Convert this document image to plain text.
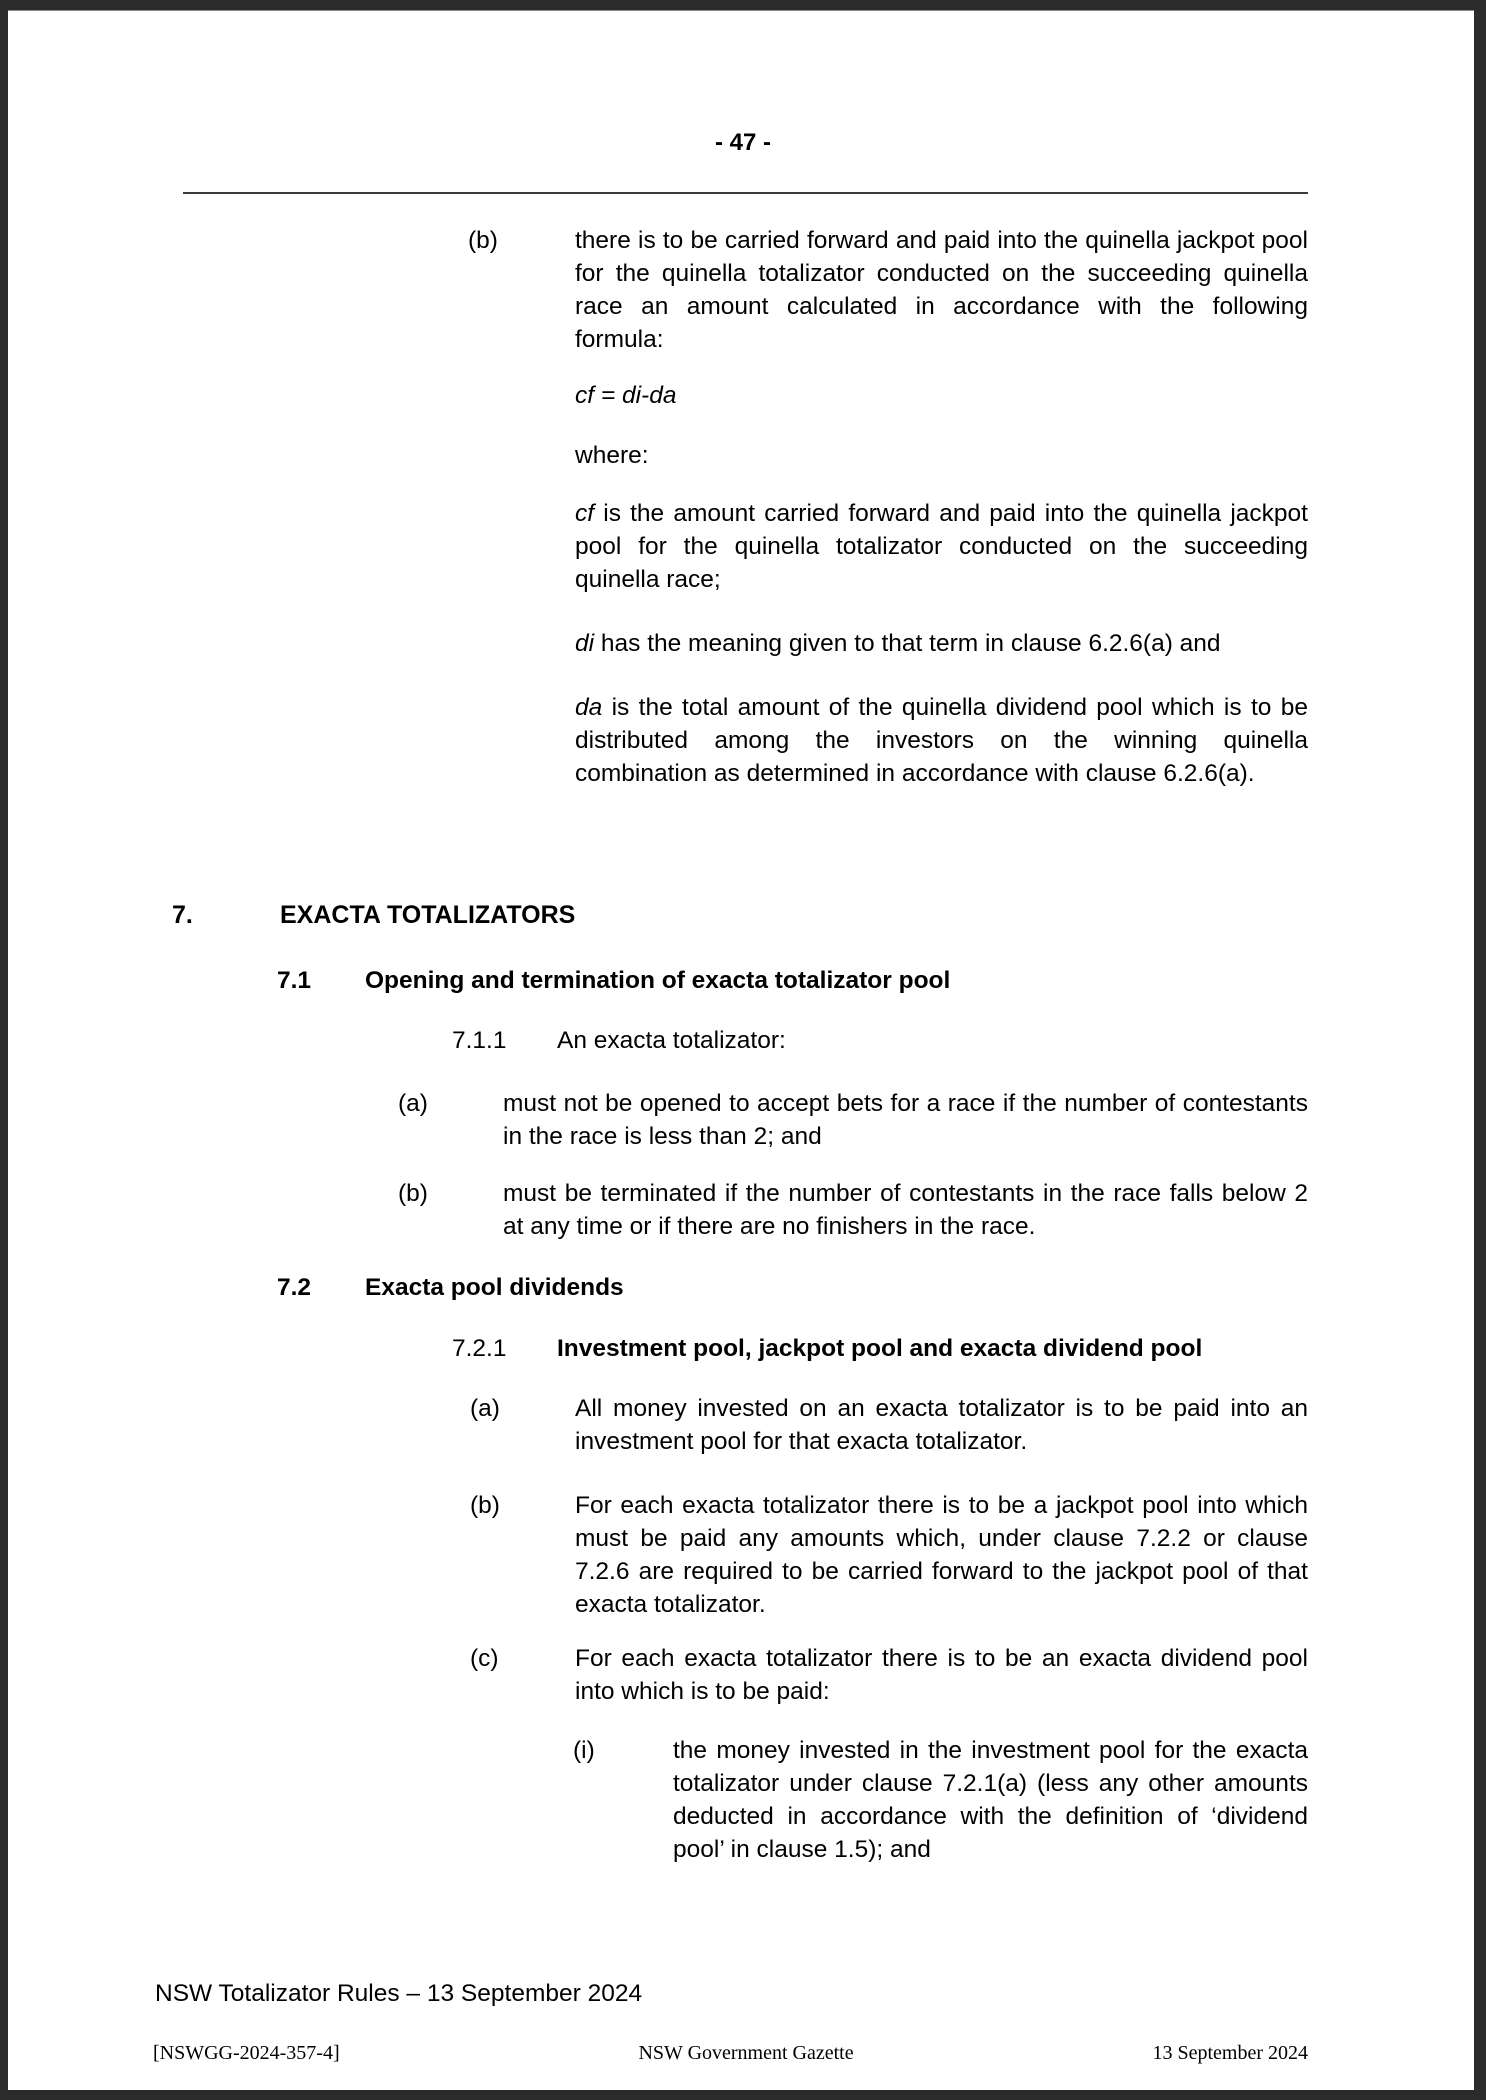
- 47 -
(b)	there is to be carried forward and paid into the quinella jackpot pool for the quinella totalizator conducted on the succeeding quinella race an amount calculated in accordance with the following formula:
cf = di-da
where:
cf is the amount carried forward and paid into the quinella jackpot pool for the quinella totalizator conducted on the succeeding quinella race;
di has the meaning given to that term in clause 6.2.6(a) and
da is the total amount of the quinella dividend pool which is to be distributed among the investors on the winning quinella combination as determined in accordance with clause 6.2.6(a).
7.	EXACTA TOTALIZATORS
7.1 Opening and termination of exacta totalizator pool
7.1.1 An exacta totalizator:
(a)	must not be opened to accept bets for a race if the number of contestants in the race is less than 2; and
(b)	must be terminated if the number of contestants in the race falls below 2 at any time or if there are no finishers in the race.
7.2 Exacta pool dividends
7.2.1 Investment pool, jackpot pool and exacta dividend pool
(a)	All money invested on an exacta totalizator is to be paid into an investment pool for that exacta totalizator.
(b)	For each exacta totalizator there is to be a jackpot pool into which must be paid any amounts which, under clause 7.2.2 or clause 7.2.6 are required to be carried forward to the jackpot pool of that exacta totalizator.
(c)	For each exacta totalizator there is to be an exacta dividend pool into which is to be paid:
(i)	the money invested in the investment pool for the exacta totalizator under clause 7.2.1(a) (less any other amounts deducted in accordance with the definition of ‘dividend pool’ in clause 1.5); and
NSW Totalizator Rules – 13 September 2024
[NSWGG-2024-357-4]	NSW Government Gazette	13 September 2024
